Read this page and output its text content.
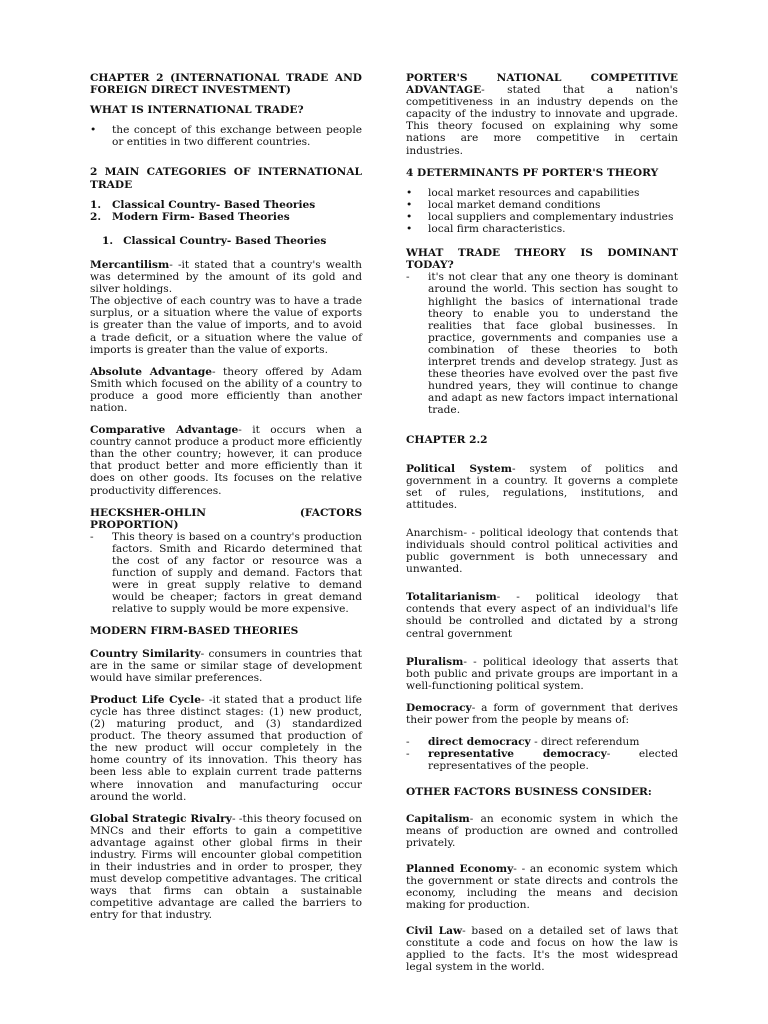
CHAPTER 2 (INTERNATIONAL TRADE AND FOREIGN DIRECT INVESTMENT)
WHAT IS INTERNATIONAL TRADE?
• the concept of this exchange between people or entities in two different countries.
2 MAIN CATEGORIES OF INTERNATIONAL TRADE
1. Classical Country- Based Theories
2. Modern Firm- Based Theories
1. Classical Country- Based Theories
Mercantilism- -it stated that a country's wealth was determined by the amount of its gold and silver holdings.
The objective of each country was to have a trade surplus, or a situation where the value of exports is greater than the value of imports, and to avoid a trade deficit, or a situation where the value of imports is greater than the value of exports.
Absolute Advantage- theory offered by Adam Smith which focused on the ability of a country to produce a good more efficiently than another nation.
Comparative Advantage- it occurs when a country cannot produce a product more efficiently than the other country; however, it can produce that product better and more efficiently than it does on other goods. Its focuses on the relative productivity differences.
HECKSHER-OHLIN (FACTORS PROPORTION)
- This theory is based on a country's production factors. Smith and Ricardo determined that the cost of any factor or resource was a function of supply and demand. Factors that were in great supply relative to demand would be cheaper; factors in great demand relative to supply would be more expensive.
MODERN FIRM-BASED THEORIES
Country Similarity- consumers in countries that are in the same or similar stage of development would have similar preferences.
Product Life Cycle- -it stated that a product life cycle has three distinct stages: (1) new product, (2) maturing product, and (3) standardized product. The theory assumed that production of the new product will occur completely in the home country of its innovation. This theory has been less able to explain current trade patterns where innovation and manufacturing occur around the world.
Global Strategic Rivalry- -this theory focused on MNCs and their efforts to gain a competitive advantage against other global firms in their industry. Firms will encounter global competition in their industries and in order to prosper, they must develop competitive advantages. The critical ways that firms can obtain a sustainable competitive advantage are called the barriers to entry for that industry.
PORTER'S NATIONAL COMPETITIVE ADVANTAGE- stated that a nation's competitiveness in an industry depends on the capacity of the industry to innovate and upgrade. This theory focused on explaining why some nations are more competitive in certain industries.
4 DETERMINANTS PF PORTER'S THEORY
• local market resources and capabilities
• local market demand conditions
• local suppliers and complementary industries
• local firm characteristics.
WHAT TRADE THEORY IS DOMINANT TODAY?
- it's not clear that any one theory is dominant around the world. This section has sought to highlight the basics of international trade theory to enable you to understand the realities that face global businesses. In practice, governments and companies use a combination of these theories to both interpret trends and develop strategy. Just as these theories have evolved over the past five hundred years, they will continue to change and adapt as new factors impact international trade.
CHAPTER 2.2
Political System- system of politics and government in a country. It governs a complete set of rules, regulations, institutions, and attitudes.
Anarchism- - political ideology that contends that individuals should control political activities and public government is both unnecessary and unwanted.
Totalitarianism- - political ideology that contends that every aspect of an individual's life should be controlled and dictated by a strong central government
Pluralism- - political ideology that asserts that both public and private groups are important in a well-functioning political system.
Democracy- a form of government that derives their power from the people by means of:
- direct democracy - direct referendum
- representative democracy- elected representatives of the people.
OTHER FACTORS BUSINESS CONSIDER:
Capitalism- an economic system in which the means of production are owned and controlled privately.
Planned Economy- - an economic system which the government or state directs and controls the economy, including the means and decision making for production.
Civil Law- based on a detailed set of laws that constitute a code and focus on how the law is applied to the facts. It's the most widespread legal system in the world.
